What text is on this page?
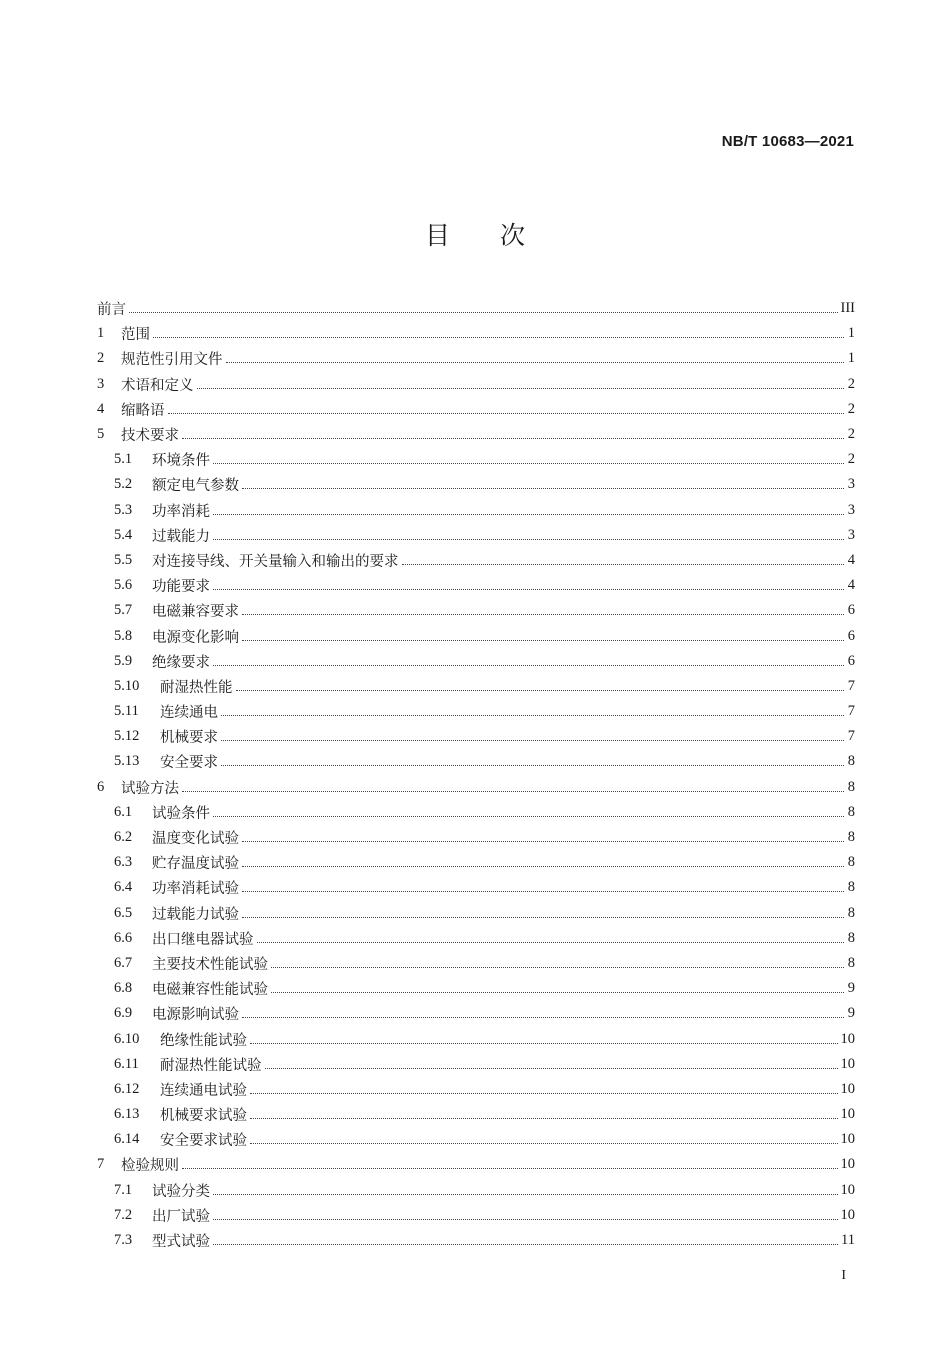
NB/T 10683—2021
目次
前言	III
1	范围	1
2	规范性引用文件	1
3	术语和定义	2
4	缩略语	2
5	技术要求	2
5.1	环境条件	2
5.2	额定电气参数	3
5.3	功率消耗	3
5.4	过载能力	3
5.5	对连接导线、开关量输入和输出的要求	4
5.6	功能要求	4
5.7	电磁兼容要求	6
5.8	电源变化影响	6
5.9	绝缘要求	6
5.10	耐湿热性能	7
5.11	连续通电	7
5.12	机械要求	7
5.13	安全要求	8
6	试验方法	8
6.1	试验条件	8
6.2	温度变化试验	8
6.3	贮存温度试验	8
6.4	功率消耗试验	8
6.5	过载能力试验	8
6.6	出口继电器试验	8
6.7	主要技术性能试验	8
6.8	电磁兼容性能试验	9
6.9	电源影响试验	9
6.10	绝缘性能试验	10
6.11	耐湿热性能试验	10
6.12	连续通电试验	10
6.13	机械要求试验	10
6.14	安全要求试验	10
7	检验规则	10
7.1	试验分类	10
7.2	出厂试验	10
7.3	型式试验	11
I
